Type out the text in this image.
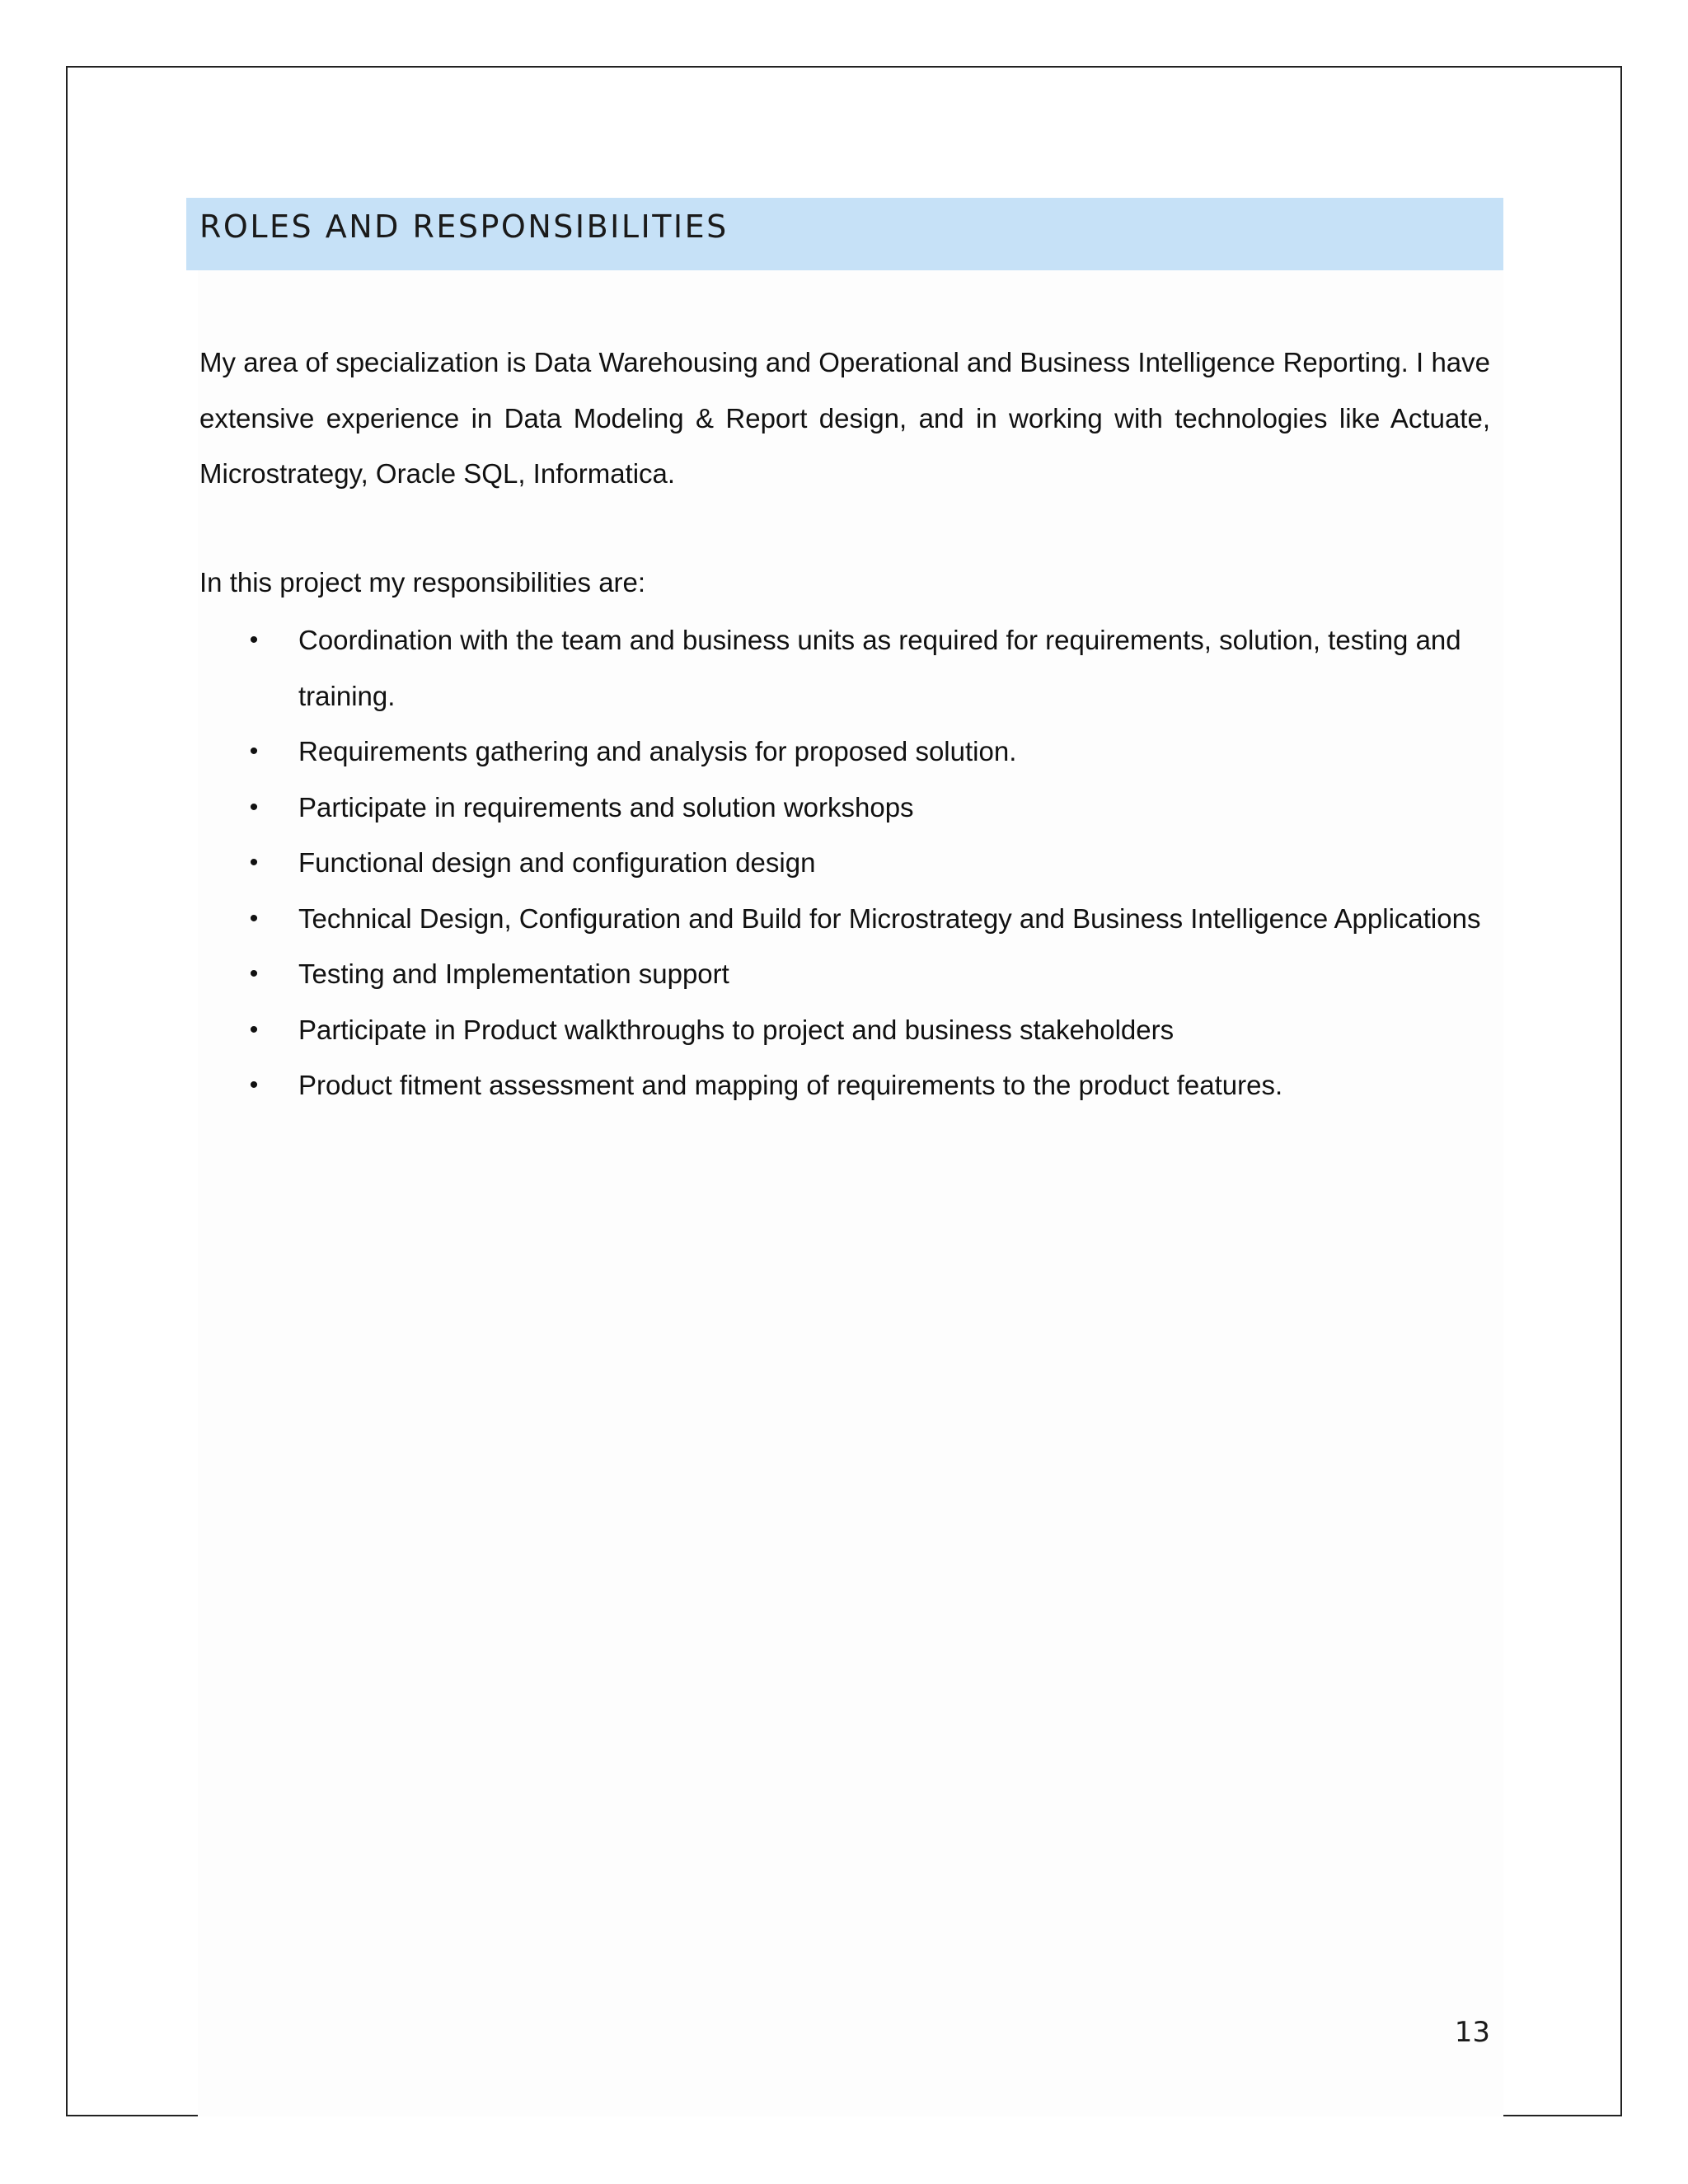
ROLES AND RESPONSIBILITIES

My area of specialization is Data Warehousing and Operational and Business Intelligence Reporting. I have extensive experience in Data Modeling & Report design, and in working with technologies like Actuate, Microstrategy, Oracle SQL, Informatica.

In this project my responsibilities are:

• Coordination with the team and business units as required for requirements, solution, testing and training.
• Requirements gathering and analysis for proposed solution.
• Participate in requirements and solution workshops
• Functional design and configuration design
• Technical Design, Configuration and Build for Microstrategy and Business Intelligence Applications
• Testing and Implementation support
• Participate in Product walkthroughs to project and business stakeholders
• Product fitment assessment and mapping of requirements to the product features.
13
